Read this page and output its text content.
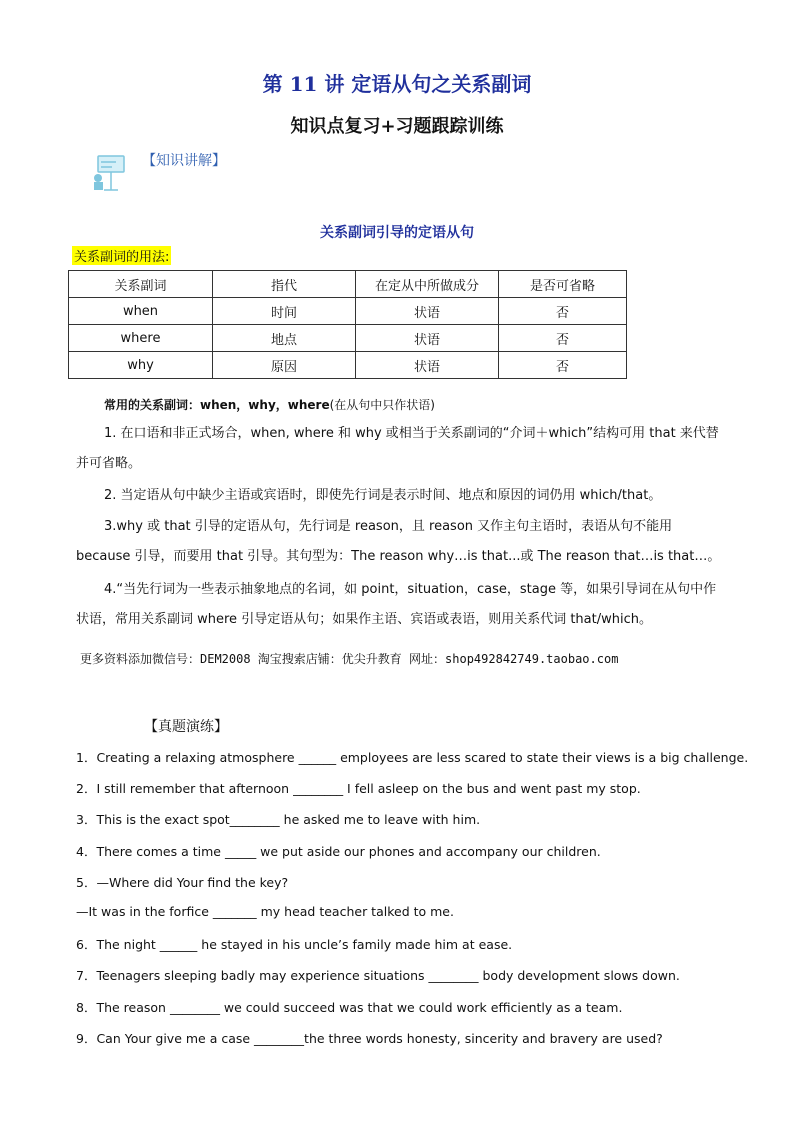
第 11 讲 定语从句之关系副词
知识点复习+习题跟踪训练
【知识讲解】
关系副词引导的定语从句
关系副词的用法:
关系副词	指代	在定从中所做成分	是否可省略
when	时间	状语	否
where	地点	状语	否
why	原因	状语	否
常用的关系副词：when，why，where(在从句中只作状语)
1. 在口语和非正式场合，when, where 和 why 或相当于关系副词的“介词＋which”结构可用 that 来代替并可省略。
2. 当定语从句中缺少主语或宾语时，即使先行词是表示时间、地点和原因的词仍用 which/that。
3.why 或 that 引导的定语从句，先行词是 reason，且 reason 又作主句主语时，表语从句不能用 because 引导，而要用 that 引导。其句型为：The reason why…is that...或 The reason that…is that…。
4.“当先行词为一些表示抽象地点的名词，如 point，situation，case，stage 等，如果引导词在从句中作状语，常用关系副词 where 引导定语从句；如果作主语、宾语或表语，则用关系代词 that/which。
更多资料添加微信号：DEM2008 淘宝搜索店铺：优尖升教育 网址：shop492842749.taobao.com
【真题演练】
1．Creating a relaxing atmosphere ______ employees are less scared to state their views is a big challenge.
2．I still remember that afternoon ________ I fell asleep on the bus and went past my stop.
3．This is the exact spot________ he asked me to leave with him.
4．There comes a time _____ we put aside our phones and accompany our children.
5．—Where did Your find the key?
—It was in the forfice _______ my head teacher talked to me.
6．The night ______ he stayed in his uncle’s family made him at ease.
7．Teenagers sleeping badly may experience situations ________ body development slows down.
8．The reason ________ we could succeed was that we could work efficiently as a team.
9．Can Your give me a case ________the three words honesty, sincerity and bravery are used?
